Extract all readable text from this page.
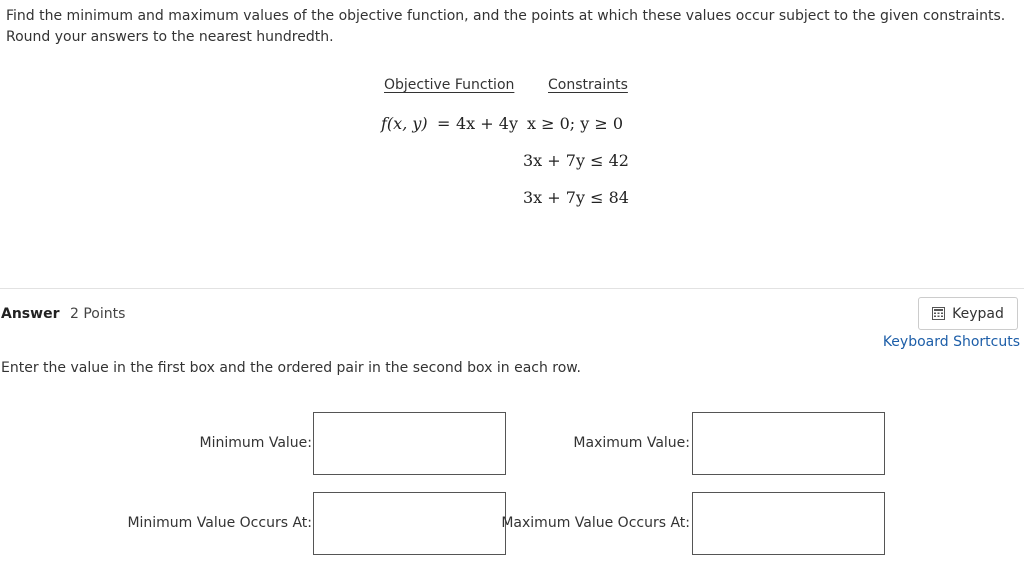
Find the minimum and maximum values of the objective function, and the points at which these values occur subject to the given constraints. Round your answers to the nearest hundredth.
Objective Function Constraints
f(x, y) = 4x + 4y x ≥ 0; y ≥ 0
3x + 7y ≤ 42
3x + 7y ≤ 84
Answer 2 Points	Keypad
Keyboard Shortcuts
Enter the value in the first box and the ordered pair in the second box in each row.
Minimum Value:	Maximum Value:
Minimum Value Occurs At:	Maximum Value Occurs At:
